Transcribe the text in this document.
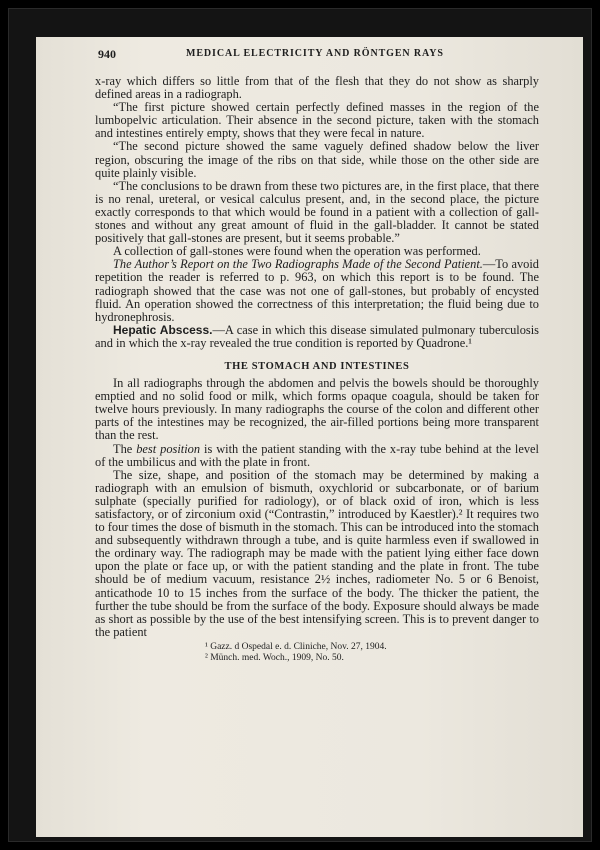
940	MEDICAL ELECTRICITY AND RÖNTGEN RAYS

x-ray which differs so little from that of the flesh that they do not show as sharply defined areas in a radiograph.

“The first picture showed certain perfectly defined masses in the region of the lumbopelvic articulation. Their absence in the second picture, taken with the stomach and intestines entirely empty, shows that they were fecal in nature.

“The second picture showed the same vaguely defined shadow below the liver region, obscuring the image of the ribs on that side, while those on the other side are quite plainly visible.

“The conclusions to be drawn from these two pictures are, in the first place, that there is no renal, ureteral, or vesical calculus present, and, in the second place, the picture exactly corresponds to that which would be found in a patient with a collection of gall-stones and without any great amount of fluid in the gall-bladder. It cannot be stated positively that gall-stones are present, but it seems probable.”

A collection of gall-stones were found when the operation was performed.

The Author’s Report on the Two Radiographs Made of the Second Patient.—To avoid repetition the reader is referred to p. 963, on which this report is to be found. The radiograph showed that the case was not one of gall-stones, but probably of encysted fluid. An operation showed the correctness of this interpretation; the fluid being due to hydronephrosis.

Hepatic Abscess.—A case in which this disease simulated pulmonary tuberculosis and in which the x-ray revealed the true condition is reported by Quadrone.¹

THE STOMACH AND INTESTINES

In all radiographs through the abdomen and pelvis the bowels should be thoroughly emptied and no solid food or milk, which forms opaque coagula, should be taken for twelve hours previously. In many radiographs the course of the colon and different other parts of the intestines may be recognized, the air-filled portions being more transparent than the rest.

The best position is with the patient standing with the x-ray tube behind at the level of the umbilicus and with the plate in front.

The size, shape, and position of the stomach may be determined by making a radiograph with an emulsion of bismuth, oxychlorid or subcarbonate, or of barium sulphate (specially purified for radiology), or of black oxid of iron, which is less satisfactory, or of zirconium oxid (“Contrastin,” introduced by Kaestler).² It requires two to four times the dose of bismuth in the stomach. This can be introduced into the stomach and subsequently withdrawn through a tube, and is quite harmless even if swallowed in the ordinary way. The radiograph may be made with the patient lying either face down upon the plate or face up, or with the patient standing and the plate in front. The tube should be of medium vacuum, resistance 2½ inches, radiometer No. 5 or 6 Benoist, anticathode 10 to 15 inches from the surface of the body. The thicker the patient, the further the tube should be from the surface of the body. Exposure should always be made as short as possible by the use of the best intensifying screen. This is to prevent danger to the patient

¹ Gazz. d Ospedal e. d. Cliniche, Nov. 27, 1904.
² Münch. med. Woch., 1909, No. 50.
